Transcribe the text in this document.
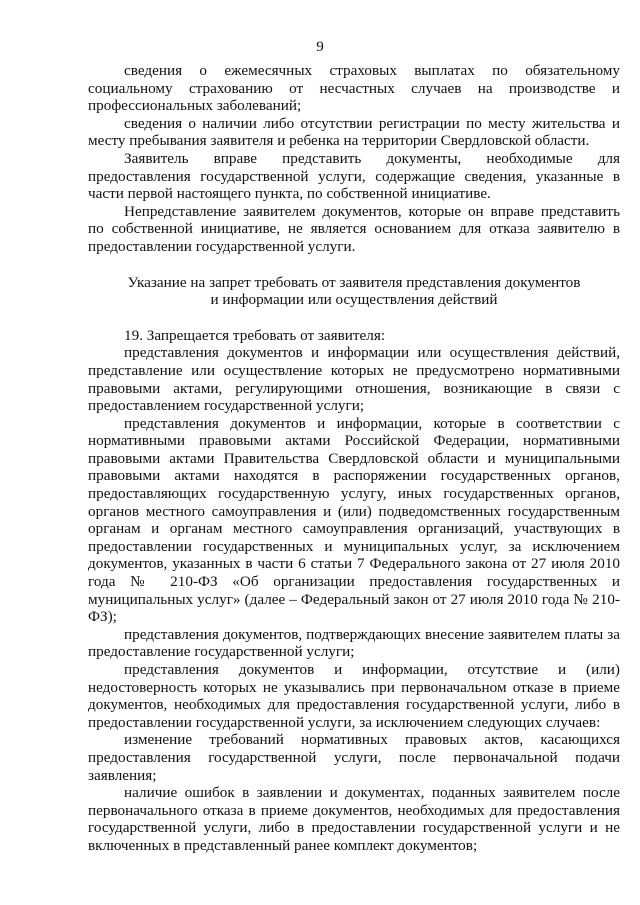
9

сведения о ежемесячных страховых выплатах по обязательному социальному страхованию от несчастных случаев на производстве и профессиональных заболеваний;

сведения о наличии либо отсутствии регистрации по месту жительства и месту пребывания заявителя и ребенка на территории Свердловской области.

Заявитель вправе представить документы, необходимые для предоставления государственной услуги, содержащие сведения, указанные в части первой настоящего пункта, по собственной инициативе.

Непредставление заявителем документов, которые он вправе представить по собственной инициативе, не является основанием для отказа заявителю в предоставлении государственной услуги.

Указание на запрет требовать от заявителя представления документов
и информации или осуществления действий

19. Запрещается требовать от заявителя:

представления документов и информации или осуществления действий, представление или осуществление которых не предусмотрено нормативными правовыми актами, регулирующими отношения, возникающие в связи с предоставлением государственной услуги;

представления документов и информации, которые в соответствии с нормативными правовыми актами Российской Федерации, нормативными правовыми актами Правительства Свердловской области и муниципальными правовыми актами находятся в распоряжении государственных органов, предоставляющих государственную услугу, иных государственных органов, органов местного самоуправления и (или) подведомственных государственным органам и органам местного самоуправления организаций, участвующих в предоставлении государственных и муниципальных услуг, за исключением документов, указанных в части 6 статьи 7 Федерального закона от 27 июля 2010 года № 210-ФЗ «Об организации предоставления государственных и муниципальных услуг» (далее – Федеральный закон от 27 июля 2010 года № 210-ФЗ);

представления документов, подтверждающих внесение заявителем платы за предоставление государственной услуги;

представления документов и информации, отсутствие и (или) недостоверность которых не указывались при первоначальном отказе в приеме документов, необходимых для предоставления государственной услуги, либо в предоставлении государственной услуги, за исключением следующих случаев:

изменение требований нормативных правовых актов, касающихся предоставления государственной услуги, после первоначальной подачи заявления;

наличие ошибок в заявлении и документах, поданных заявителем после первоначального отказа в приеме документов, необходимых для предоставления государственной услуги, либо в предоставлении государственной услуги и не включенных в представленный ранее комплект документов;
